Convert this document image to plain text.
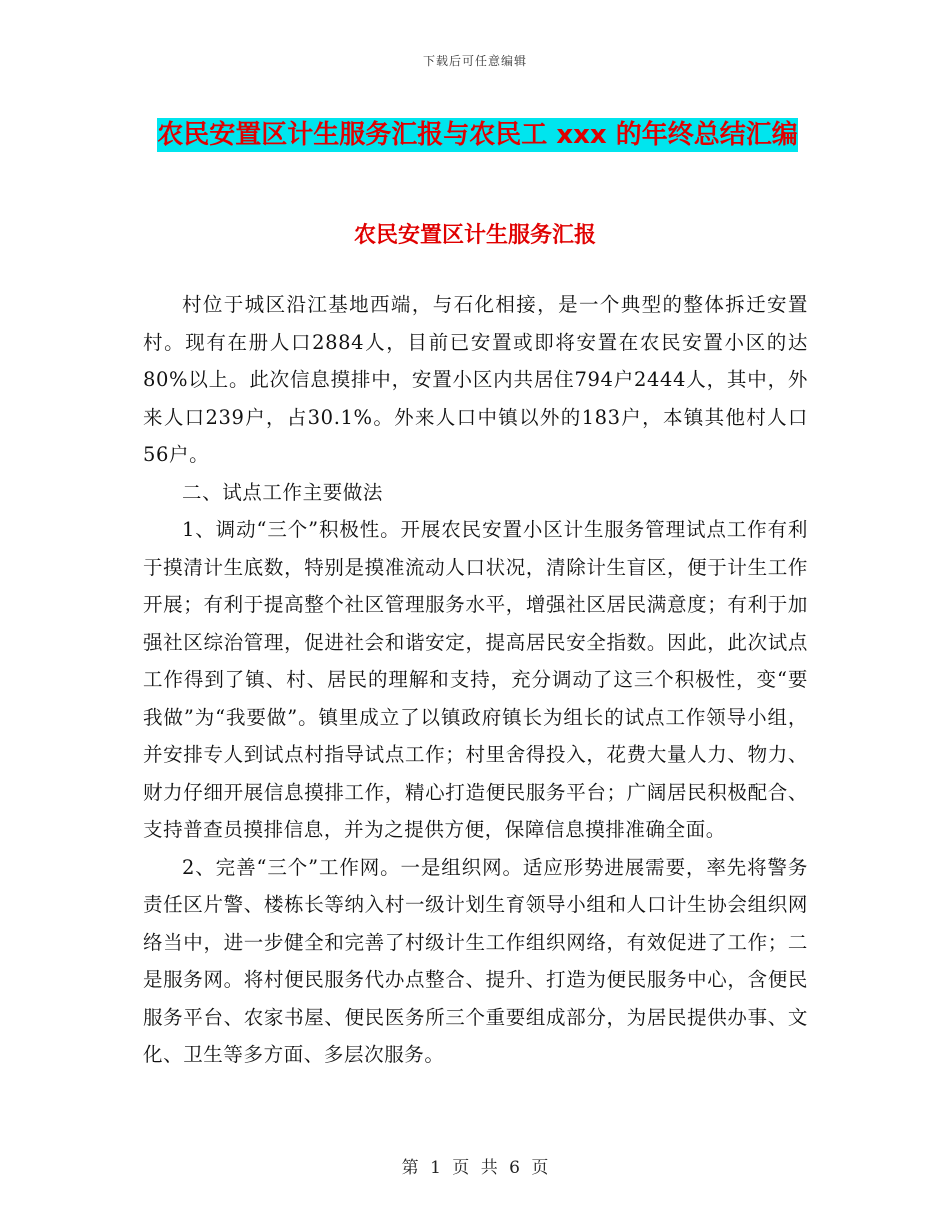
下载后可任意编辑
农民安置区计生服务汇报与农民工 xxx 的年终总结汇编
农民安置区计生服务汇报

村位于城区沿江基地西端，与石化相接，是一个典型的整体拆迁安置村。现有在册人口2884人，目前已安置或即将安置在农民安置小区的达80%以上。此次信息摸排中，安置小区内共居住794户2444人，其中，外来人口239户，占30.1%。外来人口中镇以外的183户，本镇其他村人口56户。

二、试点工作主要做法

1、调动“三个”积极性。开展农民安置小区计生服务管理试点工作有利于摸清计生底数，特别是摸准流动人口状况，清除计生盲区，便于计生工作开展；有利于提高整个社区管理服务水平，增强社区居民满意度；有利于加强社区综治管理，促进社会和谐安定，提高居民安全指数。因此，此次试点工作得到了镇、村、居民的理解和支持，充分调动了这三个积极性，变“要我做”为“我要做”。镇里成立了以镇政府镇长为组长的试点工作领导小组，并安排专人到试点村指导试点工作；村里舍得投入，花费大量人力、物力、财力仔细开展信息摸排工作，精心打造便民服务平台；广阔居民积极配合、支持普查员摸排信息，并为之提供方便，保障信息摸排准确全面。

2、完善“三个”工作网。一是组织网。适应形势进展需要，率先将警务责任区片警、楼栋长等纳入村一级计划生育领导小组和人口计生协会组织网络当中，进一步健全和完善了村级计生工作组织网络，有效促进了工作；二是服务网。将村便民服务代办点整合、提升、打造为便民服务中心，含便民服务平台、农家书屋、便民医务所三个重要组成部分，为居民提供办事、文化、卫生等多方面、多层次服务。

第 1 页 共 6 页
